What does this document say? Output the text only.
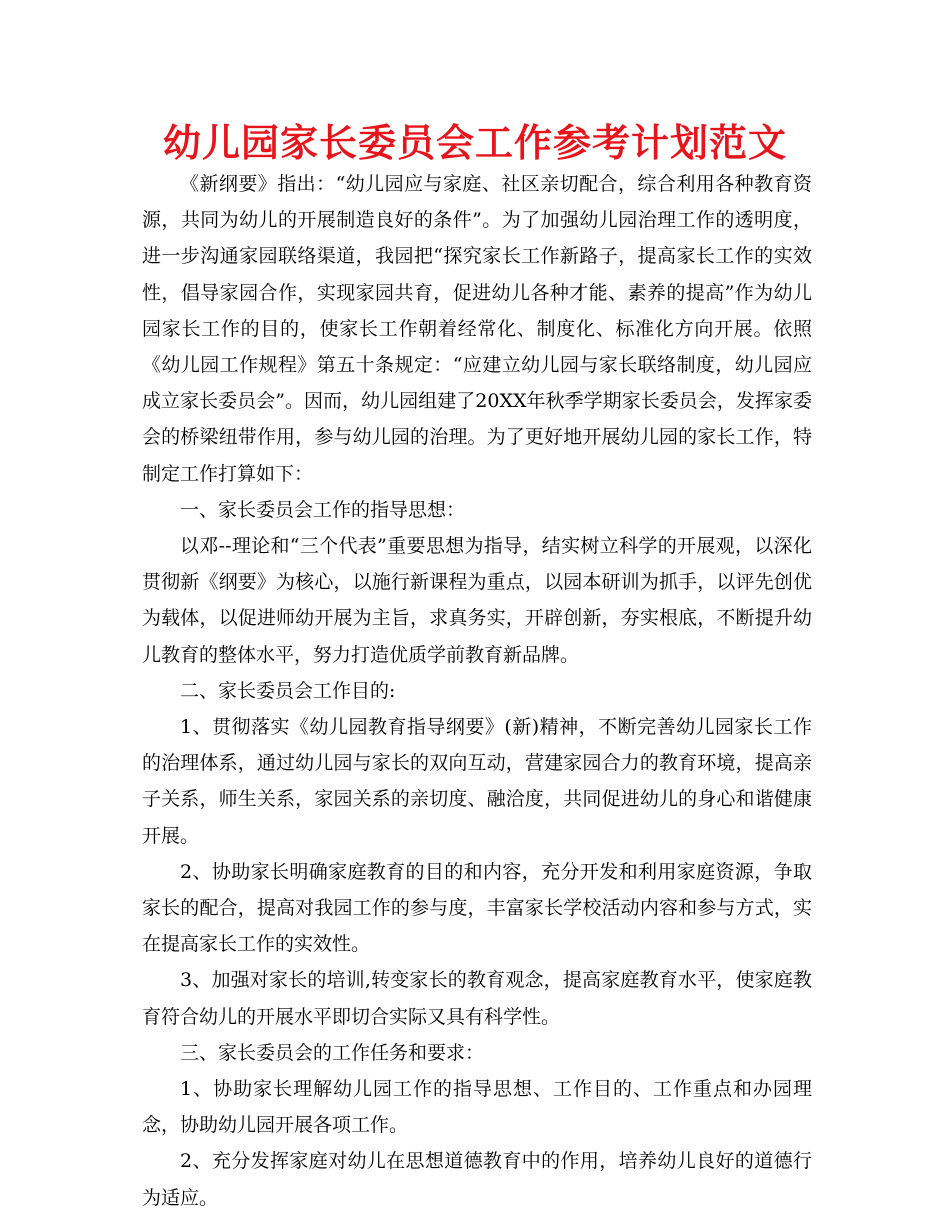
幼儿园家长委员会工作参考计划范文

《新纲要》指出：“幼儿园应与家庭、社区亲切配合，综合利用各种教育资源，共同为幼儿的开展制造良好的条件”。为了加强幼儿园治理工作的透明度，进一步沟通家园联络渠道，我园把“探究家长工作新路子，提高家长工作的实效性，倡导家园合作，实现家园共育，促进幼儿各种才能、素养的提高”作为幼儿园家长工作的目的，使家长工作朝着经常化、制度化、标准化方向开展。依照《幼儿园工作规程》第五十条规定：“应建立幼儿园与家长联络制度，幼儿园应成立家长委员会”。因而，幼儿园组建了20XX年秋季学期家长委员会，发挥家委会的桥梁纽带作用，参与幼儿园的治理。为了更好地开展幼儿园的家长工作，特制定工作打算如下：

一、家长委员会工作的指导思想：

以邓--理论和“三个代表”重要思想为指导，结实树立科学的开展观，以深化贯彻新《纲要》为核心，以施行新课程为重点，以园本研训为抓手，以评先创优为载体，以促进师幼开展为主旨，求真务实，开辟创新，夯实根底，不断提升幼儿教育的整体水平，努力打造优质学前教育新品牌。

二、家长委员会工作目的:

1、贯彻落实《幼儿园教育指导纲要》(新)精神，不断完善幼儿园家长工作的治理体系，通过幼儿园与家长的双向互动，营建家园合力的教育环境，提高亲子关系，师生关系，家园关系的亲切度、融洽度，共同促进幼儿的身心和谐健康开展。

2、协助家长明确家庭教育的目的和内容，充分开发和利用家庭资源，争取家长的配合，提高对我园工作的参与度，丰富家长学校活动内容和参与方式，实在提高家长工作的实效性。

3、加强对家长的培训,转变家长的教育观念，提高家庭教育水平，使家庭教育符合幼儿的开展水平即切合实际又具有科学性。

三、家长委员会的工作任务和要求：

1、协助家长理解幼儿园工作的指导思想、工作目的、工作重点和办园理念，协助幼儿园开展各项工作。

2、充分发挥家庭对幼儿在思想道德教育中的作用，培养幼儿良好的道德行为适应。
